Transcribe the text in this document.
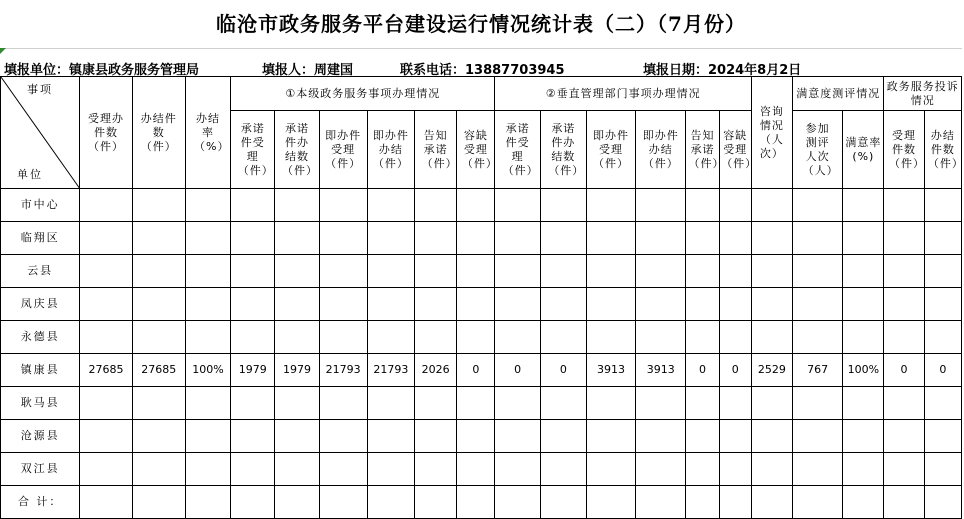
临沧市政务服务平台建设运行情况统计表（二）（7月份）
填报单位：镇康县政务服务管理局	填报人：周建国	联系电话：13887703945	填报日期：2024年8月2日
事项
单位	受理办件数（件）	办结件数（件）	办结率（%）	①本级政务服务事项办理情况						②垂直管理部门事项办理情况						咨询情况（人次）	满意度测评情况		政务服务投诉情况	
				承诺件受理（件）	承诺件办结数（件）	即办件受理（件）	即办件办结（件）	告知承诺（件）	容缺受理（件）	承诺件受理（件）	承诺件办结数（件）	即办件受理（件）	即办件办结（件）	告知承诺（件）	容缺受理（件）		参加测评人次（人）	满意率(%)	受理件数（件）	办结件数（件）
市中心																				
临翔区																				
云县																				
凤庆县																				
永德县																				
镇康县	27685	27685	100%	1979	1979	21793	21793	2026	0	0	0	3913	3913	0	0	2529	767	100%	0	0
耿马县																				
沧源县																				
双江县																				
合 计：																				
